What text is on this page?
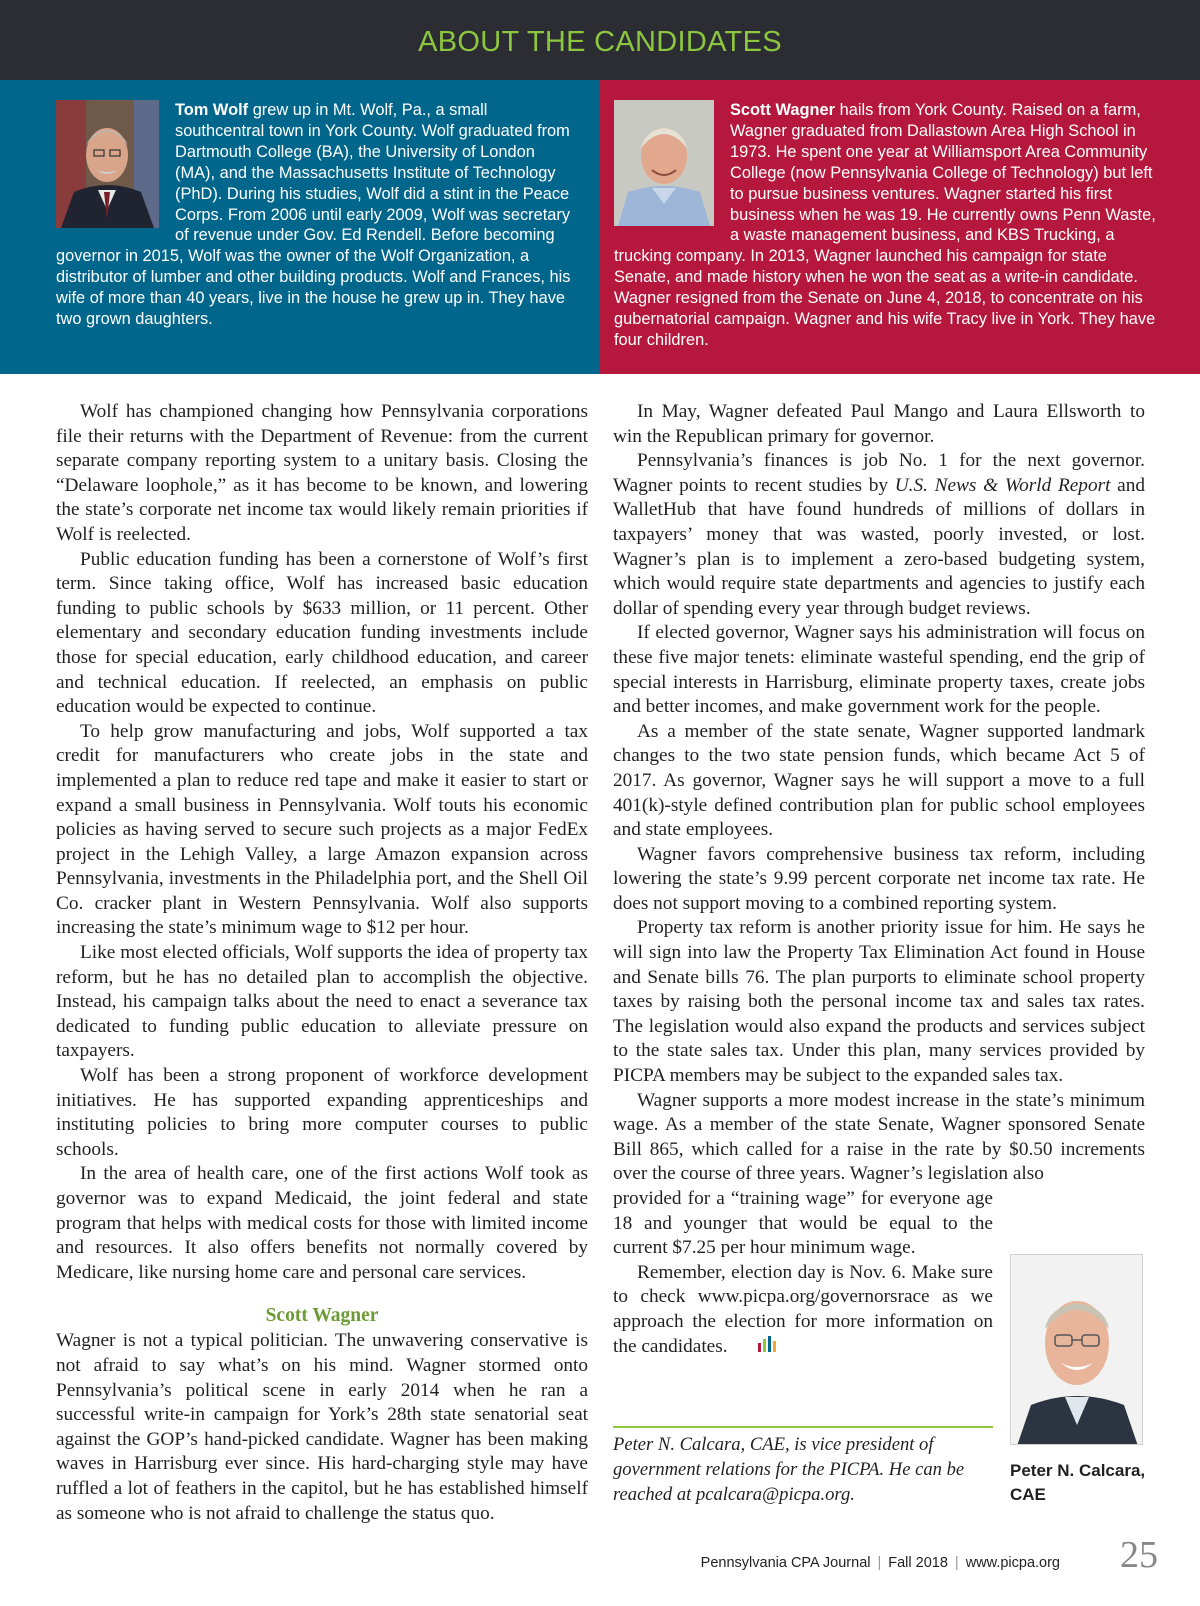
ABOUT THE CANDIDATES
Tom Wolf grew up in Mt. Wolf, Pa., a small southcentral town in York County. Wolf graduated from Dartmouth College (BA), the University of London (MA), and the Massachusetts Institute of Technology (PhD). During his studies, Wolf did a stint in the Peace Corps. From 2006 until early 2009, Wolf was secretary of revenue under Gov. Ed Rendell. Before becoming governor in 2015, Wolf was the owner of the Wolf Organization, a distributor of lumber and other building products. Wolf and Frances, his wife of more than 40 years, live in the house he grew up in. They have two grown daughters.
Scott Wagner hails from York County. Raised on a farm, Wagner graduated from Dallastown Area High School in 1973. He spent one year at Williamsport Area Community College (now Pennsylvania College of Technology) but left to pursue business ventures. Wagner started his first business when he was 19. He currently owns Penn Waste, a waste management business, and KBS Trucking, a trucking company. In 2013, Wagner launched his campaign for state Senate, and made history when he won the seat as a write-in candidate. Wagner resigned from the Senate on June 4, 2018, to concentrate on his gubernatorial campaign. Wagner and his wife Tracy live in York. They have four children.

Wolf has championed changing how Pennsylvania corporations file their returns with the Department of Revenue: from the current separate company reporting system to a unitary basis. Closing the “Delaware loophole,” as it has become to be known, and lowering the state’s corporate net income tax would likely remain priorities if Wolf is reelected.

Public education funding has been a cornerstone of Wolf’s first term. Since taking office, Wolf has increased basic education funding to public schools by $633 million, or 11 percent. Other elementary and secondary education funding investments include those for special education, early childhood education, and career and technical education. If reelected, an emphasis on public education would be expected to continue.

To help grow manufacturing and jobs, Wolf supported a tax credit for manufacturers who create jobs in the state and implemented a plan to reduce red tape and make it easier to start or expand a small business in Pennsylvania. Wolf touts his economic policies as having served to secure such projects as a major FedEx project in the Lehigh Valley, a large Amazon expansion across Pennsylvania, investments in the Philadelphia port, and the Shell Oil Co. cracker plant in Western Pennsylvania. Wolf also supports increasing the state’s minimum wage to $12 per hour.

Like most elected officials, Wolf supports the idea of property tax reform, but he has no detailed plan to accomplish the objective. Instead, his campaign talks about the need to enact a severance tax dedicated to funding public education to alleviate pressure on taxpayers.

Wolf has been a strong proponent of workforce development initiatives. He has supported expanding apprenticeships and instituting policies to bring more computer courses to public schools.

In the area of health care, one of the first actions Wolf took as governor was to expand Medicaid, the joint federal and state program that helps with medical costs for those with limited income and resources. It also offers benefits not normally covered by Medicare, like nursing home care and personal care services.

Scott Wagner

Wagner is not a typical politician. The unwavering conservative is not afraid to say what’s on his mind. Wagner stormed onto Pennsylvania’s political scene in early 2014 when he ran a successful write-in campaign for York’s 28th state senatorial seat against the GOP’s hand-picked candidate. Wagner has been making waves in Harrisburg ever since. His hard-charging style may have ruffled a lot of feathers in the capitol, but he has established himself as someone who is not afraid to challenge the status quo.

In May, Wagner defeated Paul Mango and Laura Ellsworth to win the Republican primary for governor.

Pennsylvania’s finances is job No. 1 for the next governor. Wagner points to recent studies by U.S. News & World Report and WalletHub that have found hundreds of millions of dollars in taxpayers’ money that was wasted, poorly invested, or lost. Wagner’s plan is to implement a zero-based budgeting system, which would require state departments and agencies to justify each dollar of spending every year through budget reviews.

If elected governor, Wagner says his administration will focus on these five major tenets: eliminate wasteful spending, end the grip of special interests in Harrisburg, eliminate property taxes, create jobs and better incomes, and make government work for the people.

As a member of the state senate, Wagner supported landmark changes to the two state pension funds, which became Act 5 of 2017. As governor, Wagner says he will support a move to a full 401(k)-style defined contribution plan for public school employees and state employees.

Wagner favors comprehensive business tax reform, including lowering the state’s 9.99 percent corporate net income tax rate. He does not support moving to a combined reporting system.

Property tax reform is another priority issue for him. He says he will sign into law the Property Tax Elimination Act found in House and Senate bills 76. The plan purports to eliminate school property taxes by raising both the personal income tax and sales tax rates. The legislation would also expand the products and services subject to the state sales tax. Under this plan, many services provided by PICPA members may be subject to the expanded sales tax.

Wagner supports a more modest increase in the state’s minimum wage. As a member of the state Senate, Wagner sponsored Senate Bill 865, which called for a raise in the rate by $0.50 increments over the course of three years. Wagner’s legislation also

provided for a “training wage” for everyone age 18 and younger that would be equal to the current $7.25 per hour minimum wage.

Remember, election day is Nov. 6. Make sure to check www.picpa.org/governorsrace as we approach the election for more information on the candidates.

Peter N. Calcara, CAE, is vice president of government relations for the PICPA. He can be reached at pcalcara@picpa.org.
Peter N. Calcara,
CAE
Pennsylvania CPA Journal | Fall 2018 | www.picpa.org 25
